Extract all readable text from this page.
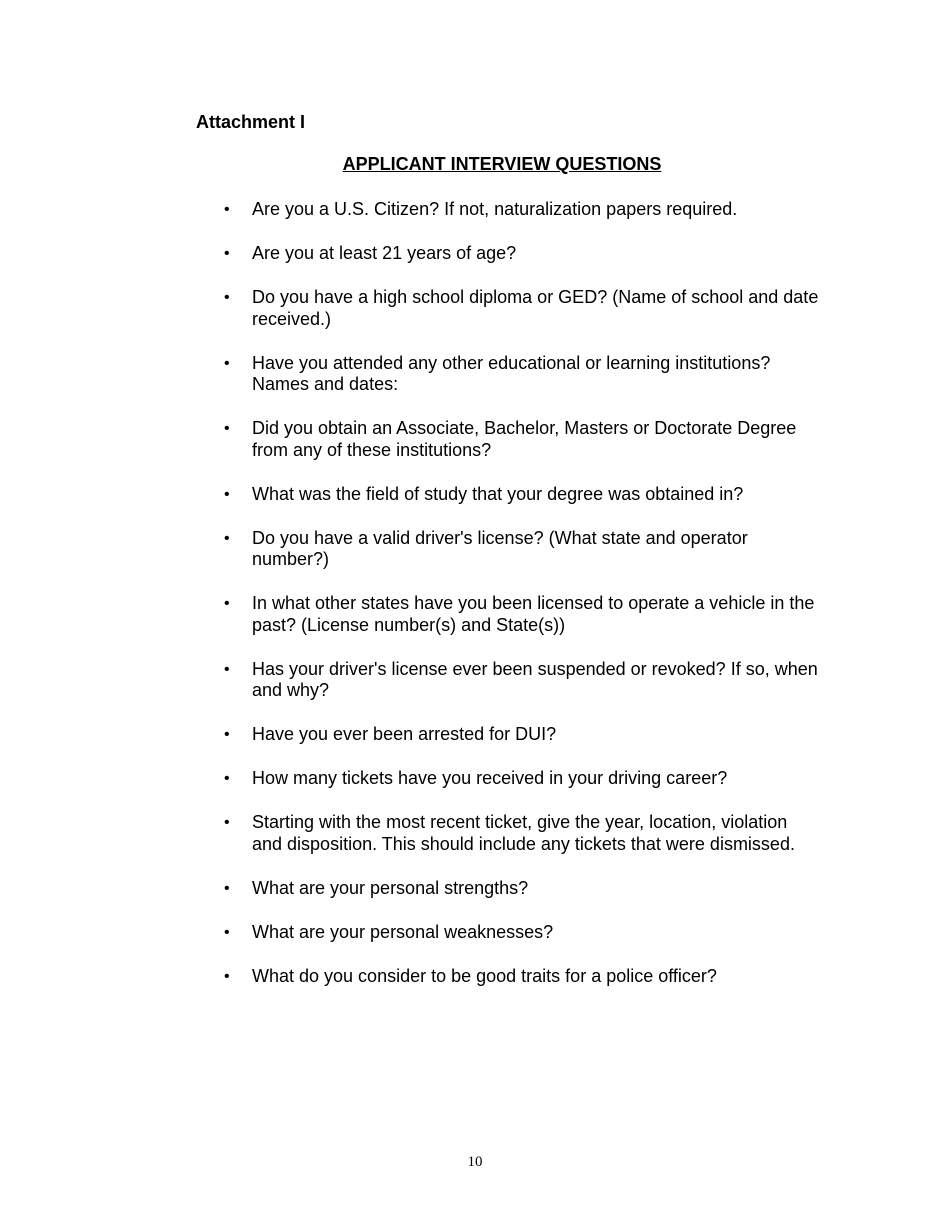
Attachment I

APPLICANT INTERVIEW QUESTIONS
• Are you a U.S. Citizen? If not, naturalization papers required.
• Are you at least 21 years of age?
• Do you have a high school diploma or GED? (Name of school and date received.)
• Have you attended any other educational or learning institutions? Names and dates:
• Did you obtain an Associate, Bachelor, Masters or Doctorate Degree from any of these institutions?
• What was the field of study that your degree was obtained in?
• Do you have a valid driver's license? (What state and operator number?)
• In what other states have you been licensed to operate a vehicle in the past? (License number(s) and State(s))
• Has your driver's license ever been suspended or revoked? If so, when and why?
• Have you ever been arrested for DUI?
• How many tickets have you received in your driving career?
• Starting with the most recent ticket, give the year, location, violation and disposition. This should include any tickets that were dismissed.
• What are your personal strengths?
• What are your personal weaknesses?
• What do you consider to be good traits for a police officer?

10
